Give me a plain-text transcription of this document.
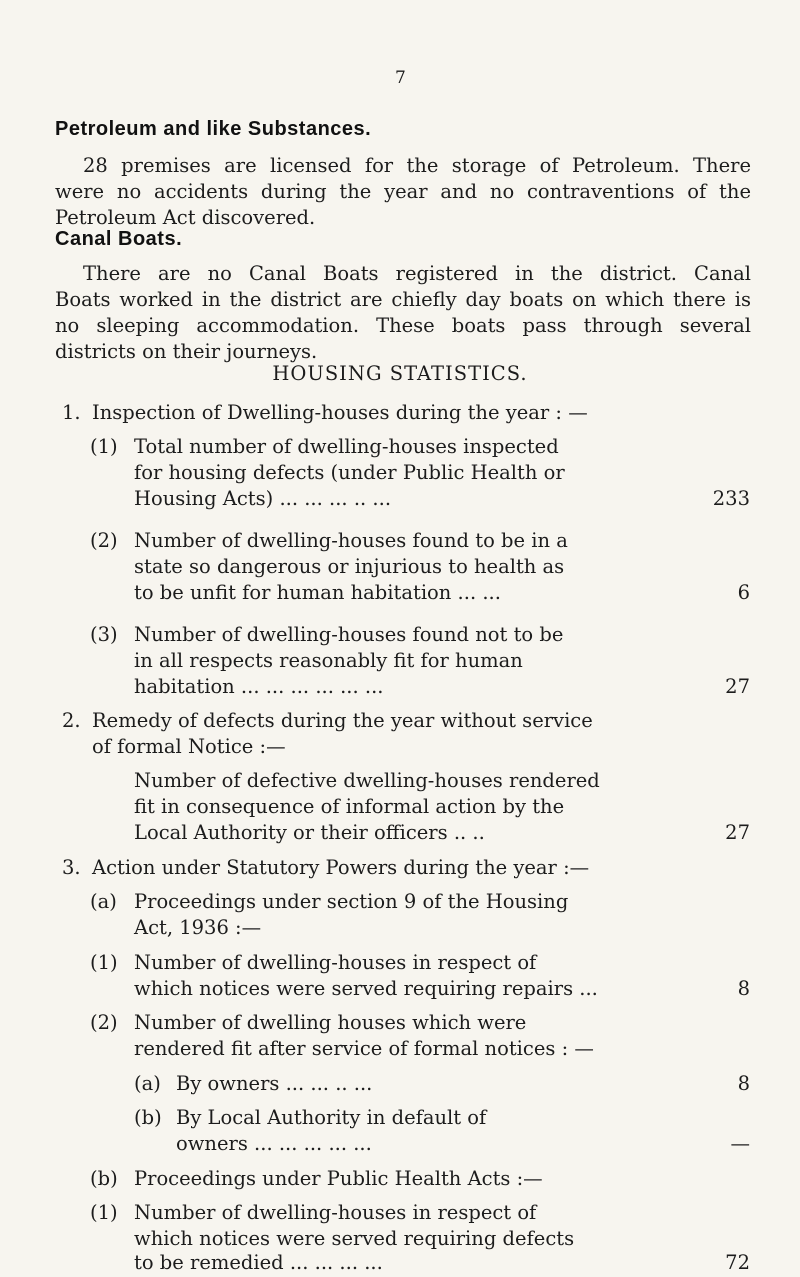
7
Petroleum and like Substances.
28 premises are licensed for the storage of Petroleum. There
were no accidents during the year and no contraventions of the
Petroleum Act discovered.
Canal Boats.
There are no Canal Boats registered in the district. Canal
Boats worked in the district are chiefly day boats on which there is
no sleeping accommodation. These boats pass through several
districts on their journeys.
HOUSING STATISTICS.
1. Inspection of Dwelling-houses during the year : —
(1) Total number of dwelling-houses inspected
for housing defects (under Public Health or
Housing Acts) ... ... ... .. ...	233
(2) Number of dwelling-houses found to be in a
state so dangerous or injurious to health as
to be unfit for human habitation ... ...	6
(3) Number of dwelling-houses found not to be
in all respects reasonably fit for human
habitation ... ... ... ... ... ...	27
2. Remedy of defects during the year without service
of formal Notice :—
Number of defective dwelling-houses rendered
fit in consequence of informal action by the
Local Authority or their officers .. ..	27
3. Action under Statutory Powers during the year :—
(a) Proceedings under section 9 of the Housing
Act, 1936 :—
(1) Number of dwelling-houses in respect of
which notices were served requiring repairs ...	8
(2) Number of dwelling houses which were
rendered fit after service of formal notices : —
(a) By owners ... ... .. ...	8
(b) By Local Authority in default of
owners ... ... ... ... ...	—
(b) Proceedings under Public Health Acts :—
(1) Number of dwelling-houses in respect of
which notices were served requiring defects
to be remedied ... ... ... ...	72
